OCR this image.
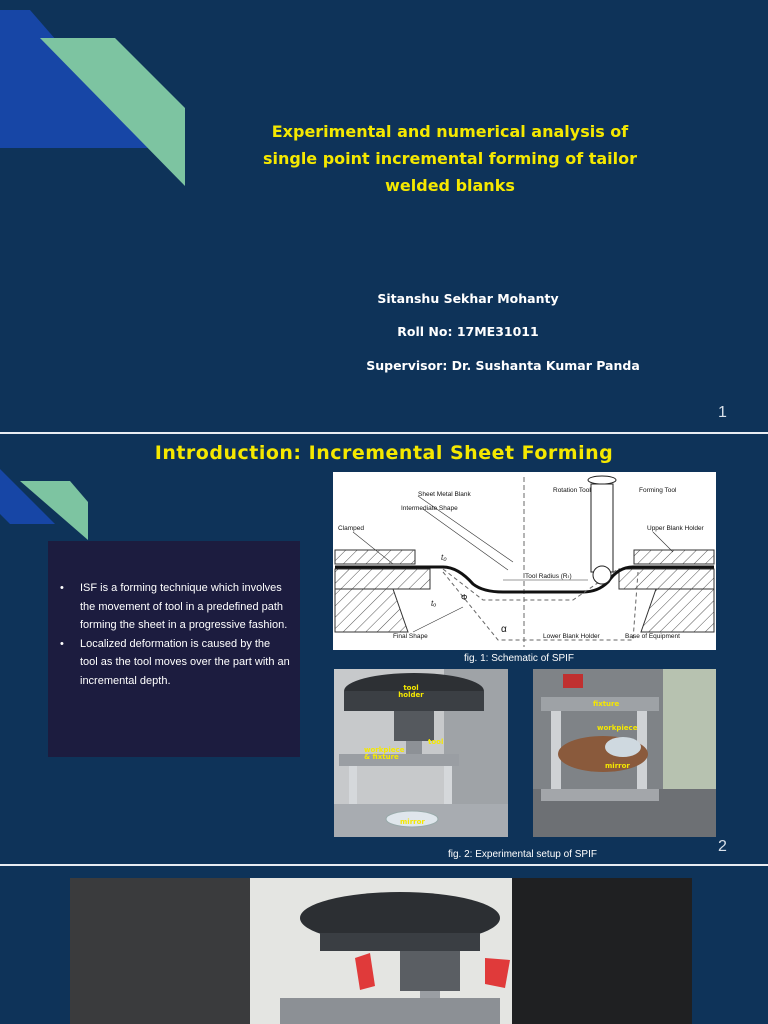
Experimental and numerical analysis of
single point incremental forming of tailor
welded blanks
Sitanshu Sekhar Mohanty
Roll No: 17ME31011
Supervisor: Dr. Sushanta Kumar Panda
1
Introduction: Incremental Sheet Forming
• ISF is a forming technique which involves the movement of tool in a predefined path forming the sheet in a progressive fashion.
• Localized deformation is caused by the tool as the tool moves over the part with an incremental depth.
Rotation Tool	Forming Tool
Sheet Metal Blank
Intermediate Shape
Clamped	Upper Blank Holder
Tool Radius (Rₜ)
Final Shape	Lower Blank Holder	Base of Equipment
t₀
tₒ
Φ
α
fig. 1: Schematic of SPIF
tool holder
tool
workpiece & fixture
mirror
fixture
workpiece
mirror
fig. 2: Experimental setup of SPIF	2
